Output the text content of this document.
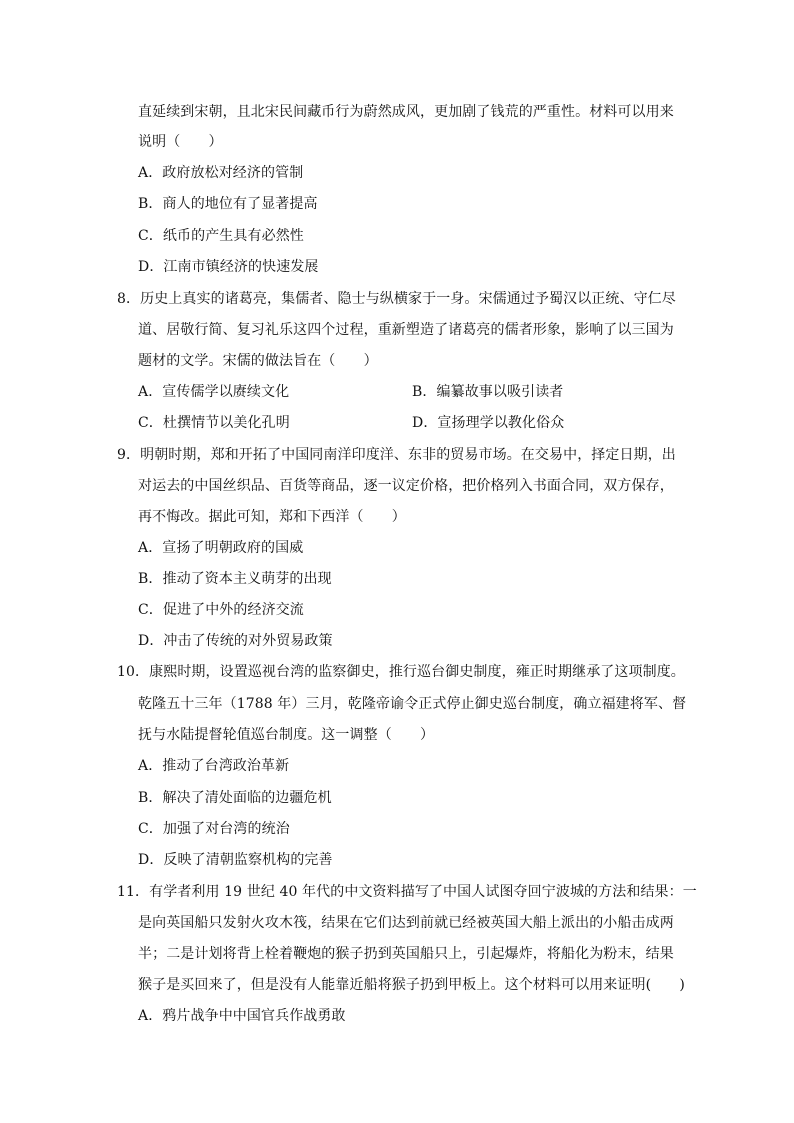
直延续到宋朝，且北宋民间藏币行为蔚然成风，更加剧了钱荒的严重性。材料可以用来
说明（　　）
A．政府放松对经济的管制
B．商人的地位有了显著提高
C．纸币的产生具有必然性
D．江南市镇经济的快速发展
8．历史上真实的诸葛亮，集儒者、隐士与纵横家于一身。宋儒通过予蜀汉以正统、守仁尽
道、居敬行简、复习礼乐这四个过程，重新塑造了诸葛亮的儒者形象，影响了以三国为
题材的文学。宋儒的做法旨在（　　）
A．宣传儒学以赓续文化	B．编纂故事以吸引读者
C．杜撰情节以美化孔明	D．宣扬理学以教化俗众
9．明朝时期，郑和开拓了中国同南洋印度洋、东非的贸易市场。在交易中，择定日期，出
对运去的中国丝织品、百货等商品，逐一议定价格，把价格列入书面合同，双方保存，
再不悔改。据此可知，郑和下西洋（　　）
A．宣扬了明朝政府的国威
B．推动了资本主义萌芽的出现
C．促进了中外的经济交流
D．冲击了传统的对外贸易政策
10．康熙时期，设置巡视台湾的监察御史，推行巡台御史制度，雍正时期继承了这项制度。
乾隆五十三年（1788 年）三月，乾隆帝谕令正式停止御史巡台制度，确立福建将军、督
抚与水陆提督轮值巡台制度。这一调整（　　）
A．推动了台湾政治革新
B．解决了清处面临的边疆危机
C．加强了对台湾的统治
D．反映了清朝监察机构的完善
11．有学者利用 19 世纪 40 年代的中文资料描写了中国人试图夺回宁波城的方法和结果：一
是向英国船只发射火攻木筏，结果在它们达到前就已经被英国大船上派出的小船击成两
半；二是计划将背上栓着鞭炮的猴子扔到英国船只上，引起爆炸，将船化为粉末，结果
猴子是买回来了，但是没有人能靠近船将猴子扔到甲板上。这个材料可以用来证明(　　)
A．鸦片战争中中国官兵作战勇敢
